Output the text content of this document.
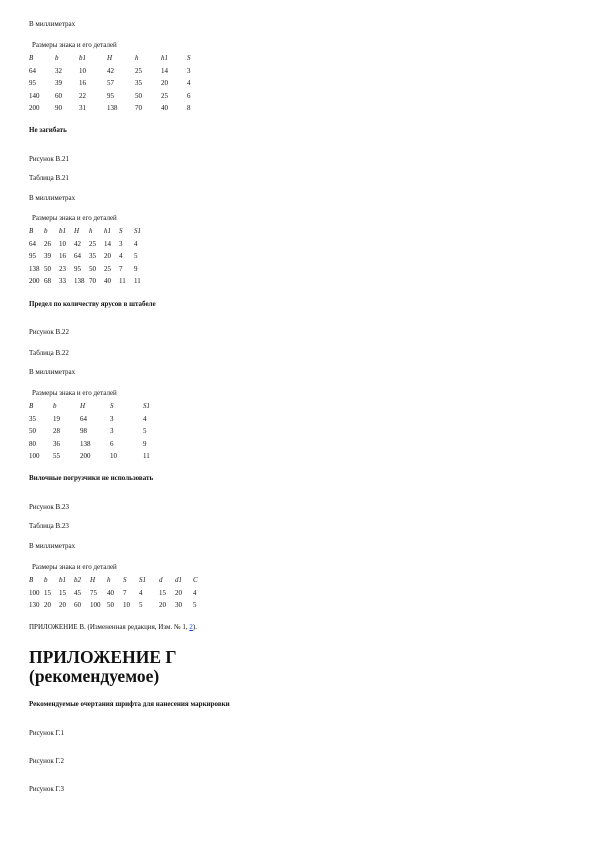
В миллиметрах
Размеры знака и его деталей						
B	b	b1	H	h	h1	S
64	32	10	42	25	14	3
95	39	16	57	35	20	4
140	60	22	95	50	25	6
200	90	31	138	70	40	8
Не загибать
Рисунок В.21
Таблица В.21
В миллиметрах
Размеры знака и его деталей							
B	b	b1	H	h	h1	S	S1
64	26	10	42	25	14	3	4
95	39	16	64	35	20	4	5
138	50	23	95	50	25	7	9
200	68	33	138	70	40	11	11
Предел по количеству ярусов в штабеле
Рисунок В.22
Таблица В.22
В миллиметрах
Размеры знака и его деталей				
B	b	H	S	S1
35	19	64	3	4
50	28	98	3	5
80	36	138	6	9
100	55	200	10	11
Вилочные погрузчики не использовать
Рисунок В.23
Таблица В.23
В миллиметрах
Размеры знака и его деталей										
B	b	b1	b2	H	h	S	S1	d	d1	C
100	15	15	45	75	40	7	4	15	20	4
130	20	20	60	100	50	10	5	20	30	5
ПРИЛОЖЕНИЕ В. (Измененная редакция, Изм. № 1, 2).
ПРИЛОЖЕНИЕ Г
(рекомендуемое)
Рекомендуемые очертания шрифта для нанесения маркировки
Рисунок Г.1
Рисунок Г.2
Рисунок Г.3
